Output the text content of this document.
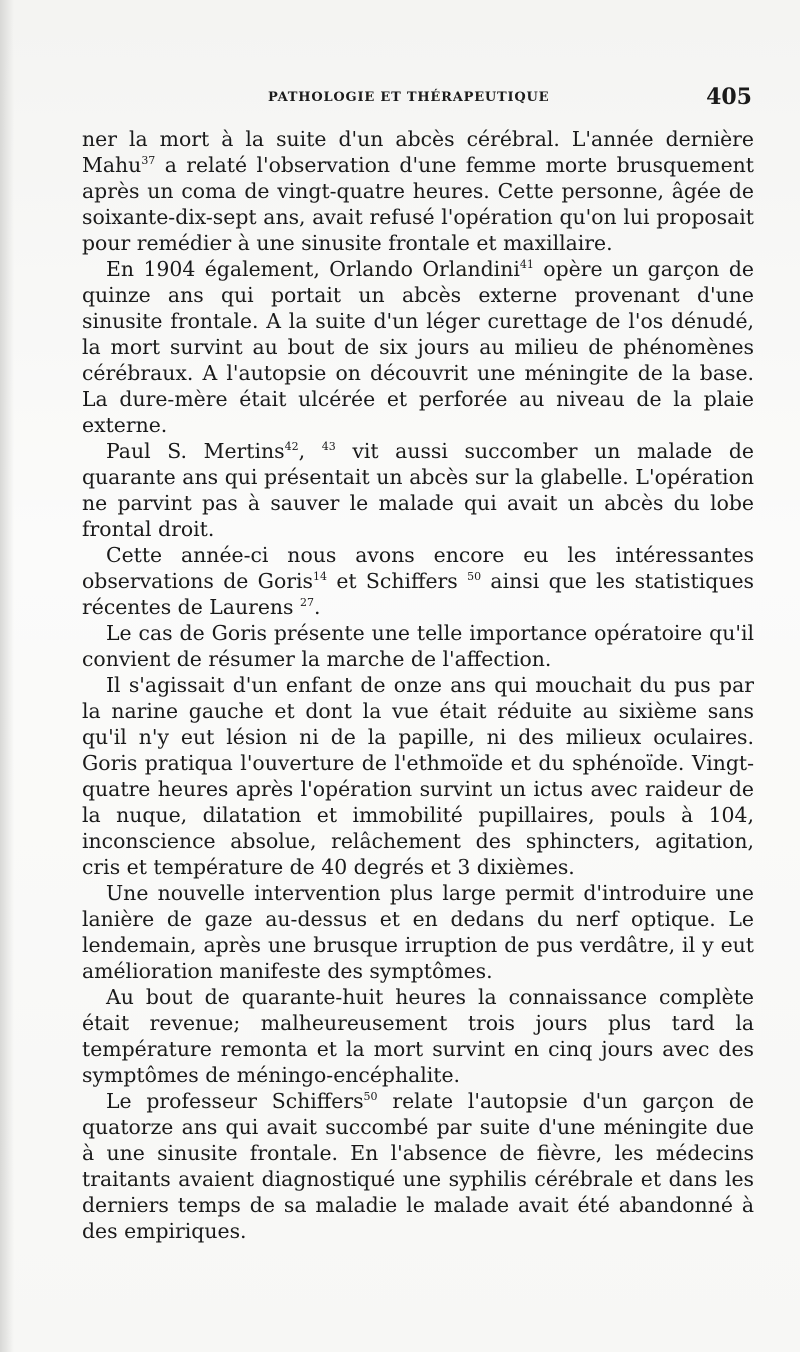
PATHOLOGIE ET THÉRAPEUTIQUE	405

ner la mort à la suite d'un abcès cérébral. L'année dernière Mahu$^{37}$ a relaté l'observation d'une femme morte brusquement après un coma de vingt-quatre heures. Cette personne, âgée de soixante-dix-sept ans, avait refusé l'opération qu'on lui proposait pour remédier à une sinusite frontale et maxillaire.

En 1904 également, Orlando Orlandini$^{41}$ opère un garçon de quinze ans qui portait un abcès externe provenant d'une sinusite frontale. A la suite d'un léger curettage de l'os dénudé, la mort survint au bout de six jours au milieu de phénomènes cérébraux. A l'autopsie on découvrit une méningite de la base. La dure-mère était ulcérée et perforée au niveau de la plaie externe.

Paul S. Mertins$^{42}$, $^{43}$ vit aussi succomber un malade de quarante ans qui présentait un abcès sur la glabelle. L'opération ne parvint pas à sauver le malade qui avait un abcès du lobe frontal droit.

Cette année-ci nous avons encore eu les intéressantes observations de Goris$^{14}$ et Schiffers $^{50}$ ainsi que les statistiques récentes de Laurens $^{27}$.

Le cas de Goris présente une telle importance opératoire qu'il convient de résumer la marche de l'affection.

Il s'agissait d'un enfant de onze ans qui mouchait du pus par la narine gauche et dont la vue était réduite au sixième sans qu'il n'y eut lésion ni de la papille, ni des milieux oculaires. Goris pratiqua l'ouverture de l'ethmoïde et du sphénoïde. Vingt-quatre heures après l'opération survint un ictus avec raideur de la nuque, dilatation et immobilité pupillaires, pouls à 104, inconscience absolue, relâchement des sphincters, agitation, cris et température de 40 degrés et 3 dixièmes.

Une nouvelle intervention plus large permit d'introduire une lanière de gaze au-dessus et en dedans du nerf optique. Le lendemain, après une brusque irruption de pus verdâtre, il y eut amélioration manifeste des symptômes.

Au bout de quarante-huit heures la connaissance complète était revenue; malheureusement trois jours plus tard la température remonta et la mort survint en cinq jours avec des symptômes de méningo-encéphalite.

Le professeur Schiffers$^{50}$ relate l'autopsie d'un garçon de quatorze ans qui avait succombé par suite d'une méningite due à une sinusite frontale. En l'absence de fièvre, les médecins traitants avaient diagnostiqué une syphilis cérébrale et dans les derniers temps de sa maladie le malade avait été abandonné à des empiriques.
